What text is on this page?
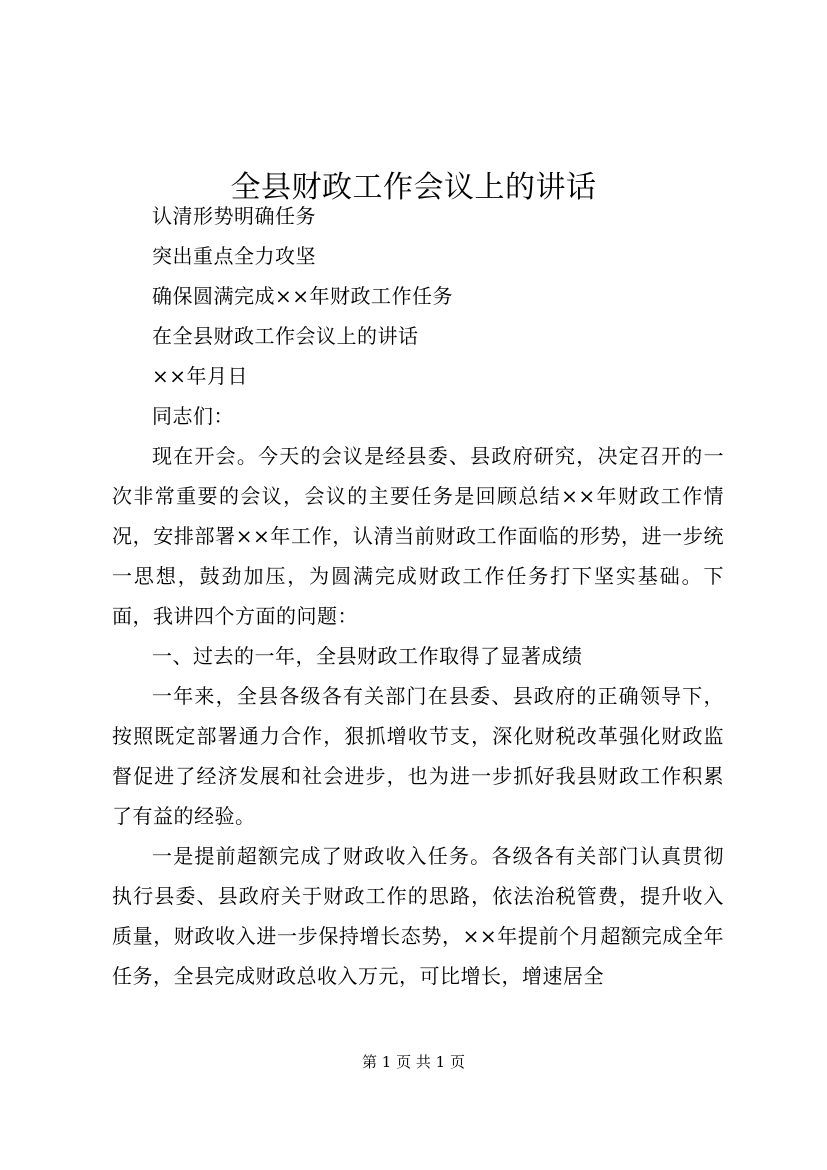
全县财政工作会议上的讲话

认清形势明确任务

突出重点全力攻坚

确保圆满完成××年财政工作任务

在全县财政工作会议上的讲话

××年月日

同志们：

现在开会。今天的会议是经县委、县政府研究，决定召开的一次非常重要的会议，会议的主要任务是回顾总结××年财政工作情况，安排部署××年工作，认清当前财政工作面临的形势，进一步统一思想，鼓劲加压，为圆满完成财政工作任务打下坚实基础。下面，我讲四个方面的问题：

一、过去的一年，全县财政工作取得了显著成绩

一年来，全县各级各有关部门在县委、县政府的正确领导下，按照既定部署通力合作，狠抓增收节支，深化财税改革强化财政监督促进了经济发展和社会进步，也为进一步抓好我县财政工作积累了有益的经验。

一是提前超额完成了财政收入任务。各级各有关部门认真贯彻执行县委、县政府关于财政工作的思路，依法治税管费，提升收入质量，财政收入进一步保持增长态势，××年提前个月超额完成全年任务，全县完成财政总收入万元，可比增长，增速居全

第 1 页 共 1 页
